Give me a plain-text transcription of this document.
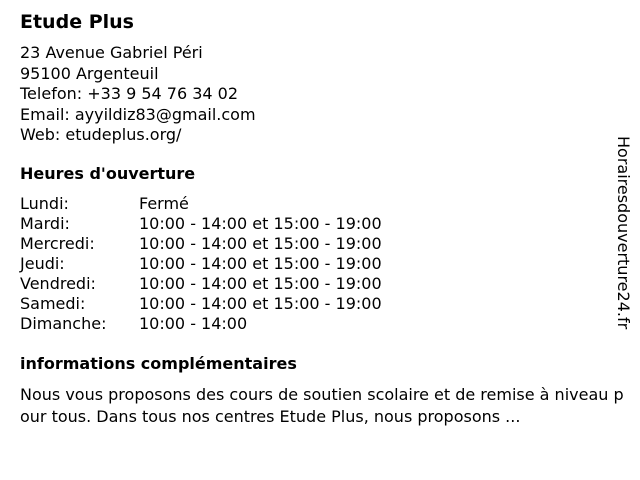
Etude Plus
23 Avenue Gabriel Péri
95100 Argenteuil
Telefon: +33 9 54 76 34 02
Email: ayyildiz83@gmail.com
Web: etudeplus.org/
Heures d'ouverture
Lundi:	Fermé
Mardi:	10:00 - 14:00 et 15:00 - 19:00
Mercredi:	10:00 - 14:00 et 15:00 - 19:00
Jeudi:	10:00 - 14:00 et 15:00 - 19:00
Vendredi:	10:00 - 14:00 et 15:00 - 19:00
Samedi:	10:00 - 14:00 et 15:00 - 19:00
Dimanche: 10:00 - 14:00
informations complémentaires
Nous vous proposons des cours de soutien scolaire et de remise à niveau pour tous. Dans tous nos centres Etude Plus, nous proposons ...
Horairesdouverture24.fr
